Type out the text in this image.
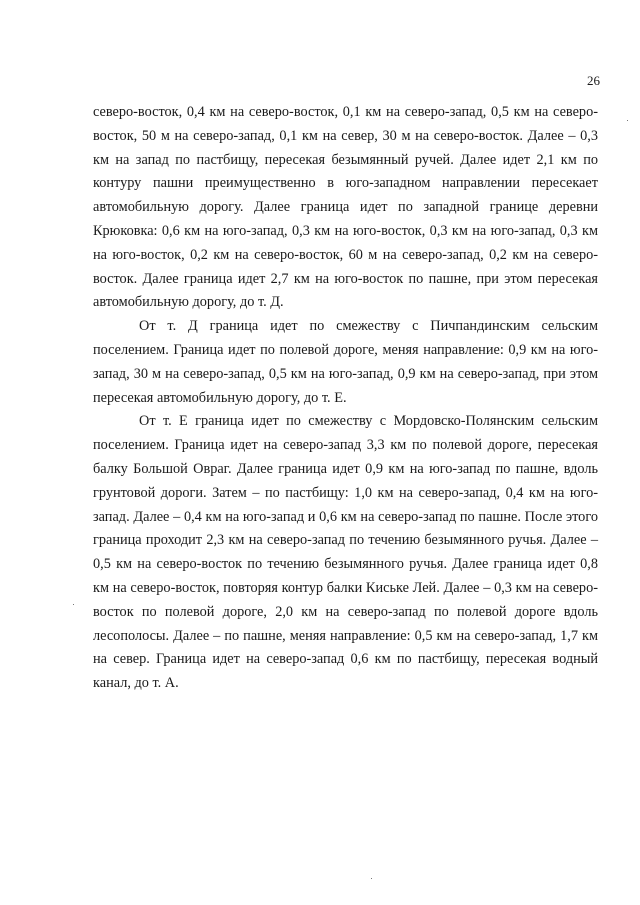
26

северо-восток, 0,4 км на северо-восток, 0,1 км на северо-запад, 0,5 км на северо-восток, 50 м на северо-запад, 0,1 км на север, 30 м на северо-восток. Далее – 0,3 км на запад по пастбищу, пересекая безымянный ручей. Далее идет 2,1 км по контуру пашни преимущественно в юго-западном направлении пересекает автомобильную дорогу. Далее граница идет по западной границе деревни Крюковка: 0,6 км на юго-запад, 0,3 км на юго-восток, 0,3 км на юго-запад, 0,3 км на юго-восток, 0,2 км на северо-восток, 60 м на северо-запад, 0,2 км на северо-восток. Далее граница идет 2,7 км на юго-восток по пашне, при этом пересекая автомобильную дорогу, до т. Д.

От т. Д граница идет по смежеству с Пичпандинским сельским поселением. Граница идет по полевой дороге, меняя направление: 0,9 км на юго-запад, 30 м на северо-запад, 0,5 км на юго-запад, 0,9 км на северо-запад, при этом пересекая автомобильную дорогу, до т. Е.

От т. Е граница идет по смежеству с Мордовско-Полянским сельским поселением. Граница идет на северо-запад 3,3 км по полевой дороге, пересекая балку Большой Овраг. Далее граница идет 0,9 км на юго-запад по пашне, вдоль грунтовой дороги. Затем – по пастбищу: 1,0 км на северо-запад, 0,4 км на юго-запад. Далее – 0,4 км на юго-запад и 0,6 км на северо-запад по пашне. После этого граница проходит 2,3 км на северо-запад по течению безымянного ручья. Далее – 0,5 км на северо-восток по течению безымянного ручья. Далее граница идет 0,8 км на северо-восток, повторяя контур балки Киське Лей. Далее – 0,3 км на северо-восток по полевой дороге, 2,0 км на северо-запад по полевой дороге вдоль лесополосы. Далее – по пашне, меняя направление: 0,5 км на северо-запад, 1,7 км на север. Граница идет на северо-запад 0,6 км по пастбищу, пересекая водный канал, до т. А.
